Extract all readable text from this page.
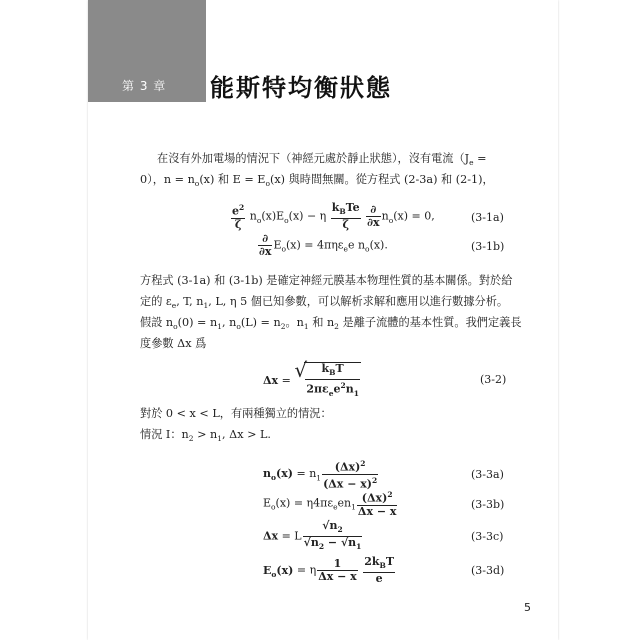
第 3 章 能斯特均衡狀態
在沒有外加電場的情況下（神經元處於靜止狀態），沒有電流（$J_e$ =
0），$n = n_o(x)$ 和 $E = E_o(x)$ 與時間無關。從方程式 (2-3a) 和 (2-1)，
$\frac{e^2}{\zeta} n_o(x)E_o(x) - \eta \frac{k_BTe}{\zeta}$
$\frac{\partial}{\partial x} n_o(x) = 0$,	(3-1a)
$\frac{\partial}{\partial x} E_o(x) = 4\pi\eta\varepsilon_ee$ $n_o(x)$.	(3-1b)
方程式 (3-1a) 和 (3-1b) 是確定神經元膜基本物理性質的基本關係。對於給
定的 $\varepsilon_e$, T, $n_1$, L, η 5 個已知參數，可以解析求解和應用以進行數據分析。
假設 $n_o(0) = n_1$, $n_o(L) = n_2$。$n_1$ 和 $n_2$ 是離子流體的基本性質。我們定義長
度參數 Δx 爲
Δx = √
$\frac{k_BT}{2\pi\varepsilon_ee^2n_1}$	(3-2)
對於 0 < x < L，有兩種獨立的情況：
情況 I：$n_2 > n_1$, Δx > L.
$n_o(x) = n_1 \frac{(\Delta x)^2}{(\Delta x - x)^2}$	(3-3a)
$E_o(x) = \eta 4\pi\varepsilon_een_1 \frac{(\Delta x)^2}{\Delta x - x}$	(3-3b)
Δx = L $\frac{√n_2}{√n_2 - √n_1}$	(3-3c)
$E_o(x) = \eta \frac{1}{\Delta x - x}$
$\frac{2k_BT}{e}$	(3-3d)
5
